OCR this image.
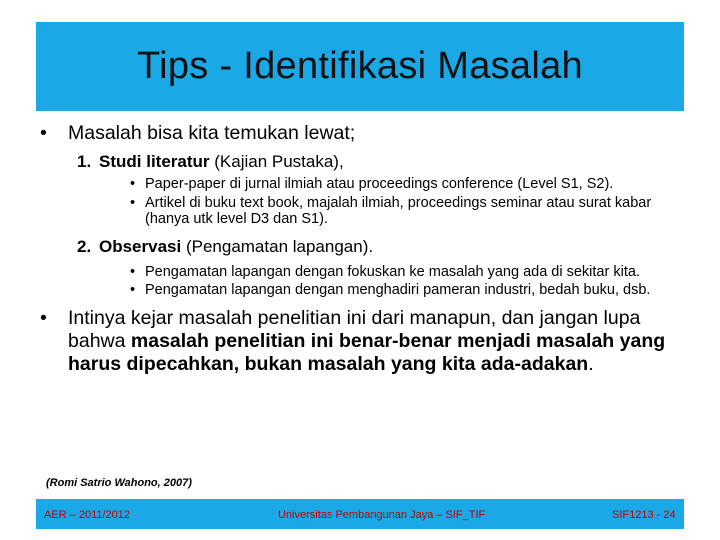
Tips - Identifikasi Masalah
•	Masalah bisa kita temukan lewat;
1. Studi literatur (Kajian Pustaka),
• Paper-paper di jurnal ilmiah atau proceedings conference (Level S1, S2).
• Artikel di buku text book, majalah ilmiah, proceedings seminar atau surat kabar (hanya utk level D3 dan S1).
2. Observasi (Pengamatan lapangan).
• Pengamatan lapangan dengan fokuskan ke masalah yang ada di sekitar kita.
• Pengamatan lapangan dengan menghadiri pameran industri, bedah buku, dsb.
•	Intinya kejar masalah penelitian ini dari manapun, dan jangan lupa bahwa masalah penelitian ini benar-benar menjadi masalah yang harus dipecahkan, bukan masalah yang kita ada-adakan.
(Romi Satrio Wahono, 2007)
AER – 2011/2012	Universitas Pembangunan Jaya – SIF_TIF	SIF1213 - 24
